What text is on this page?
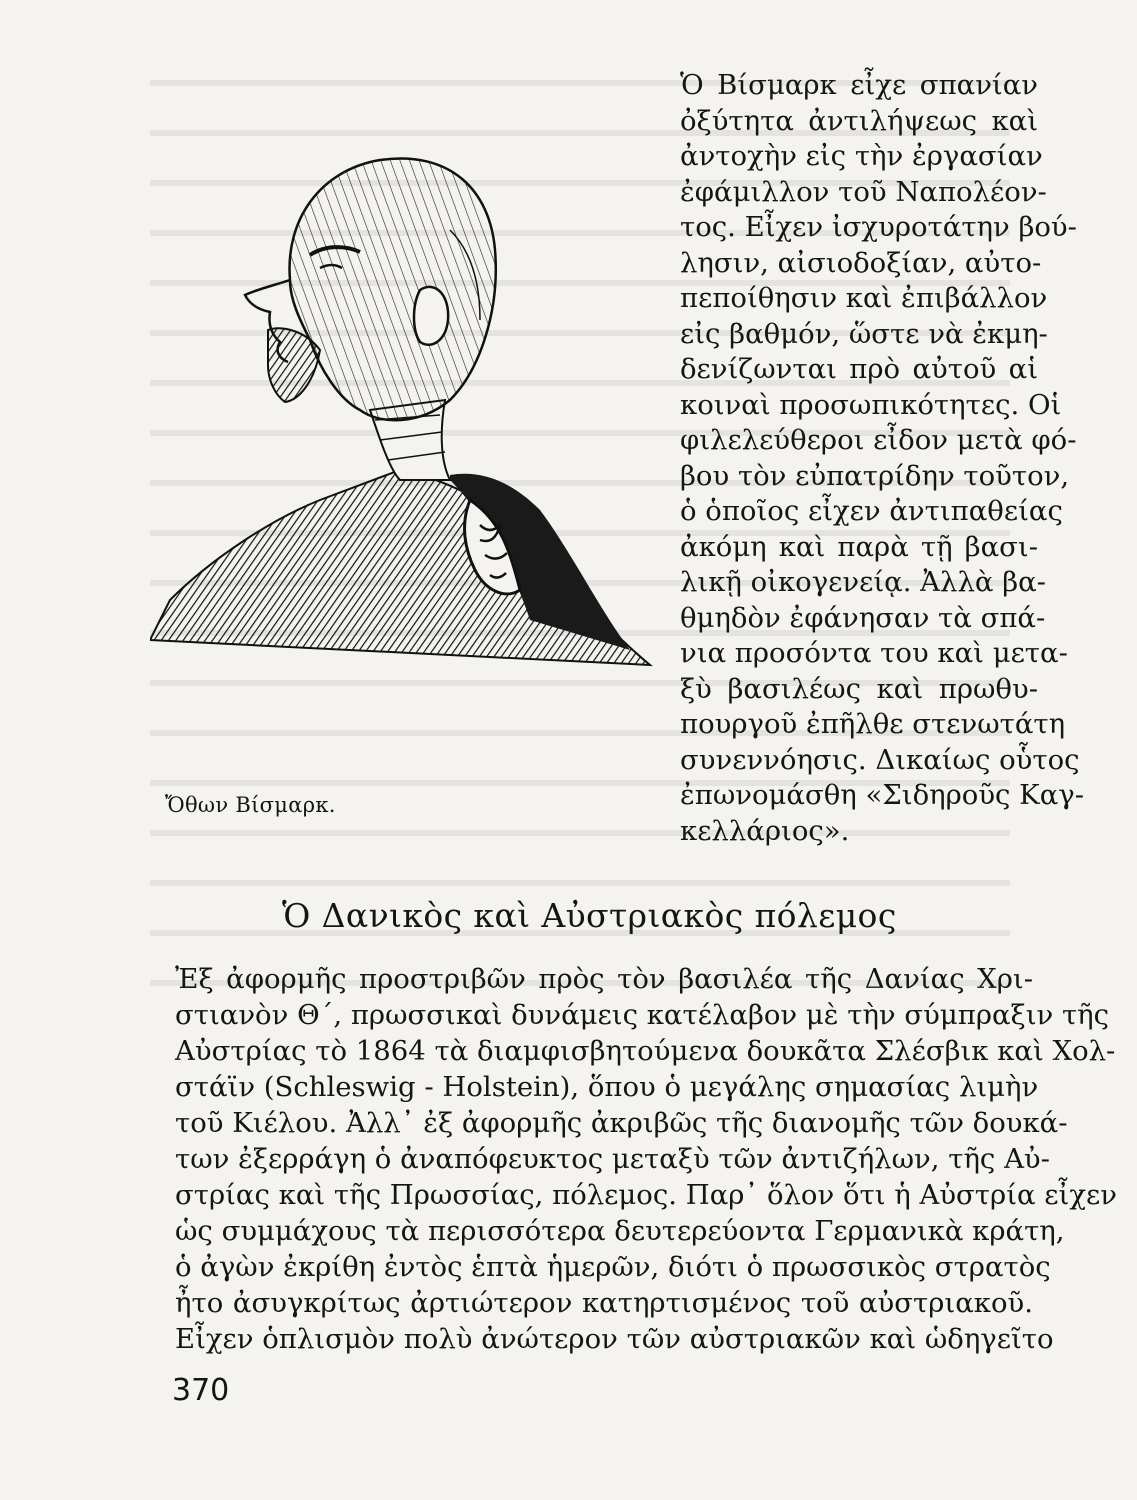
Ὄθων Βίσμαρκ.
Ὁ Βίσμαρκ εἶχε σπανίαν
ὀξύτητα ἀντιλήψεως καὶ
ἀντοχὴν εἰς τὴν ἐργασίαν
ἐφάμιλλον τοῦ Ναπολέον-
τος. Εἶχεν ἰσχυροτάτην βού-
λησιν, αἰσιοδοξίαν, αὐτο-
πεποίθησιν καὶ ἐπιβάλλον
εἰς βαθμόν, ὥστε νὰ ἐκμη-
δενίζωνται πρὸ αὐτοῦ αἱ
κοιναὶ προσωπικότητες. Οἱ
φιλελεύθεροι εἶδον μετὰ φό-
βου τὸν εὐπατρίδην τοῦτον,
ὁ ὁποῖος εἶχεν ἀντιπαθείας
ἀκόμη καὶ παρὰ τῇ βασι-
λικῇ οἰκογενείᾳ. Ἀλλὰ βα-
θμηδὸν ἐφάνησαν τὰ σπά-
νια προσόντα του καὶ μετα-
ξὺ βασιλέως καὶ πρωθυ-
πουργοῦ ἐπῆλθε στενωτάτη
συνεννόησις. Δικαίως οὗτος
ἐπωνομάσθη «Σιδηροῦς Καγ-
κελλάριος».
Ὁ Δανικὸς καὶ Αὐστριακὸς πόλεμος
Ἐξ ἀφορμῆς προστριβῶν πρὸς τὸν βασιλέα τῆς Δανίας Χρι-
στιανὸν Θ΄, πρωσσικαὶ δυνάμεις κατέλαβον μὲ τὴν σύμπραξιν τῆς
Αὐστρίας τὸ 1864 τὰ διαμφισβητούμενα δουκᾶτα Σλέσβικ καὶ Χολ-
στάϊν (Schleswig - Holstein), ὅπου ὁ μεγάλης σημασίας λιμὴν
τοῦ Κιέλου. Ἀλλ᾽ ἐξ ἀφορμῆς ἀκριβῶς τῆς διανομῆς τῶν δουκά-
των ἐξερράγη ὁ ἀναπόφευκτος μεταξὺ τῶν ἀντιζήλων, τῆς Αὐ-
στρίας καὶ τῆς Πρωσσίας, πόλεμος. Παρ᾽ ὅλον ὅτι ἡ Αὐστρία εἶχεν
ὡς συμμάχους τὰ περισσότερα δευτερεύοντα Γερμανικὰ κράτη,
ὁ ἀγὼν ἐκρίθη ἐντὸς ἑπτὰ ἡμερῶν, διότι ὁ πρωσσικὸς στρατὸς
ἦτο ἀσυγκρίτως ἀρτιώτερον κατηρτισμένος τοῦ αὐστριακοῦ.
Εἶχεν ὁπλισμὸν πολὺ ἀνώτερον τῶν αὐστριακῶν καὶ ὡδηγεῖτο
370
